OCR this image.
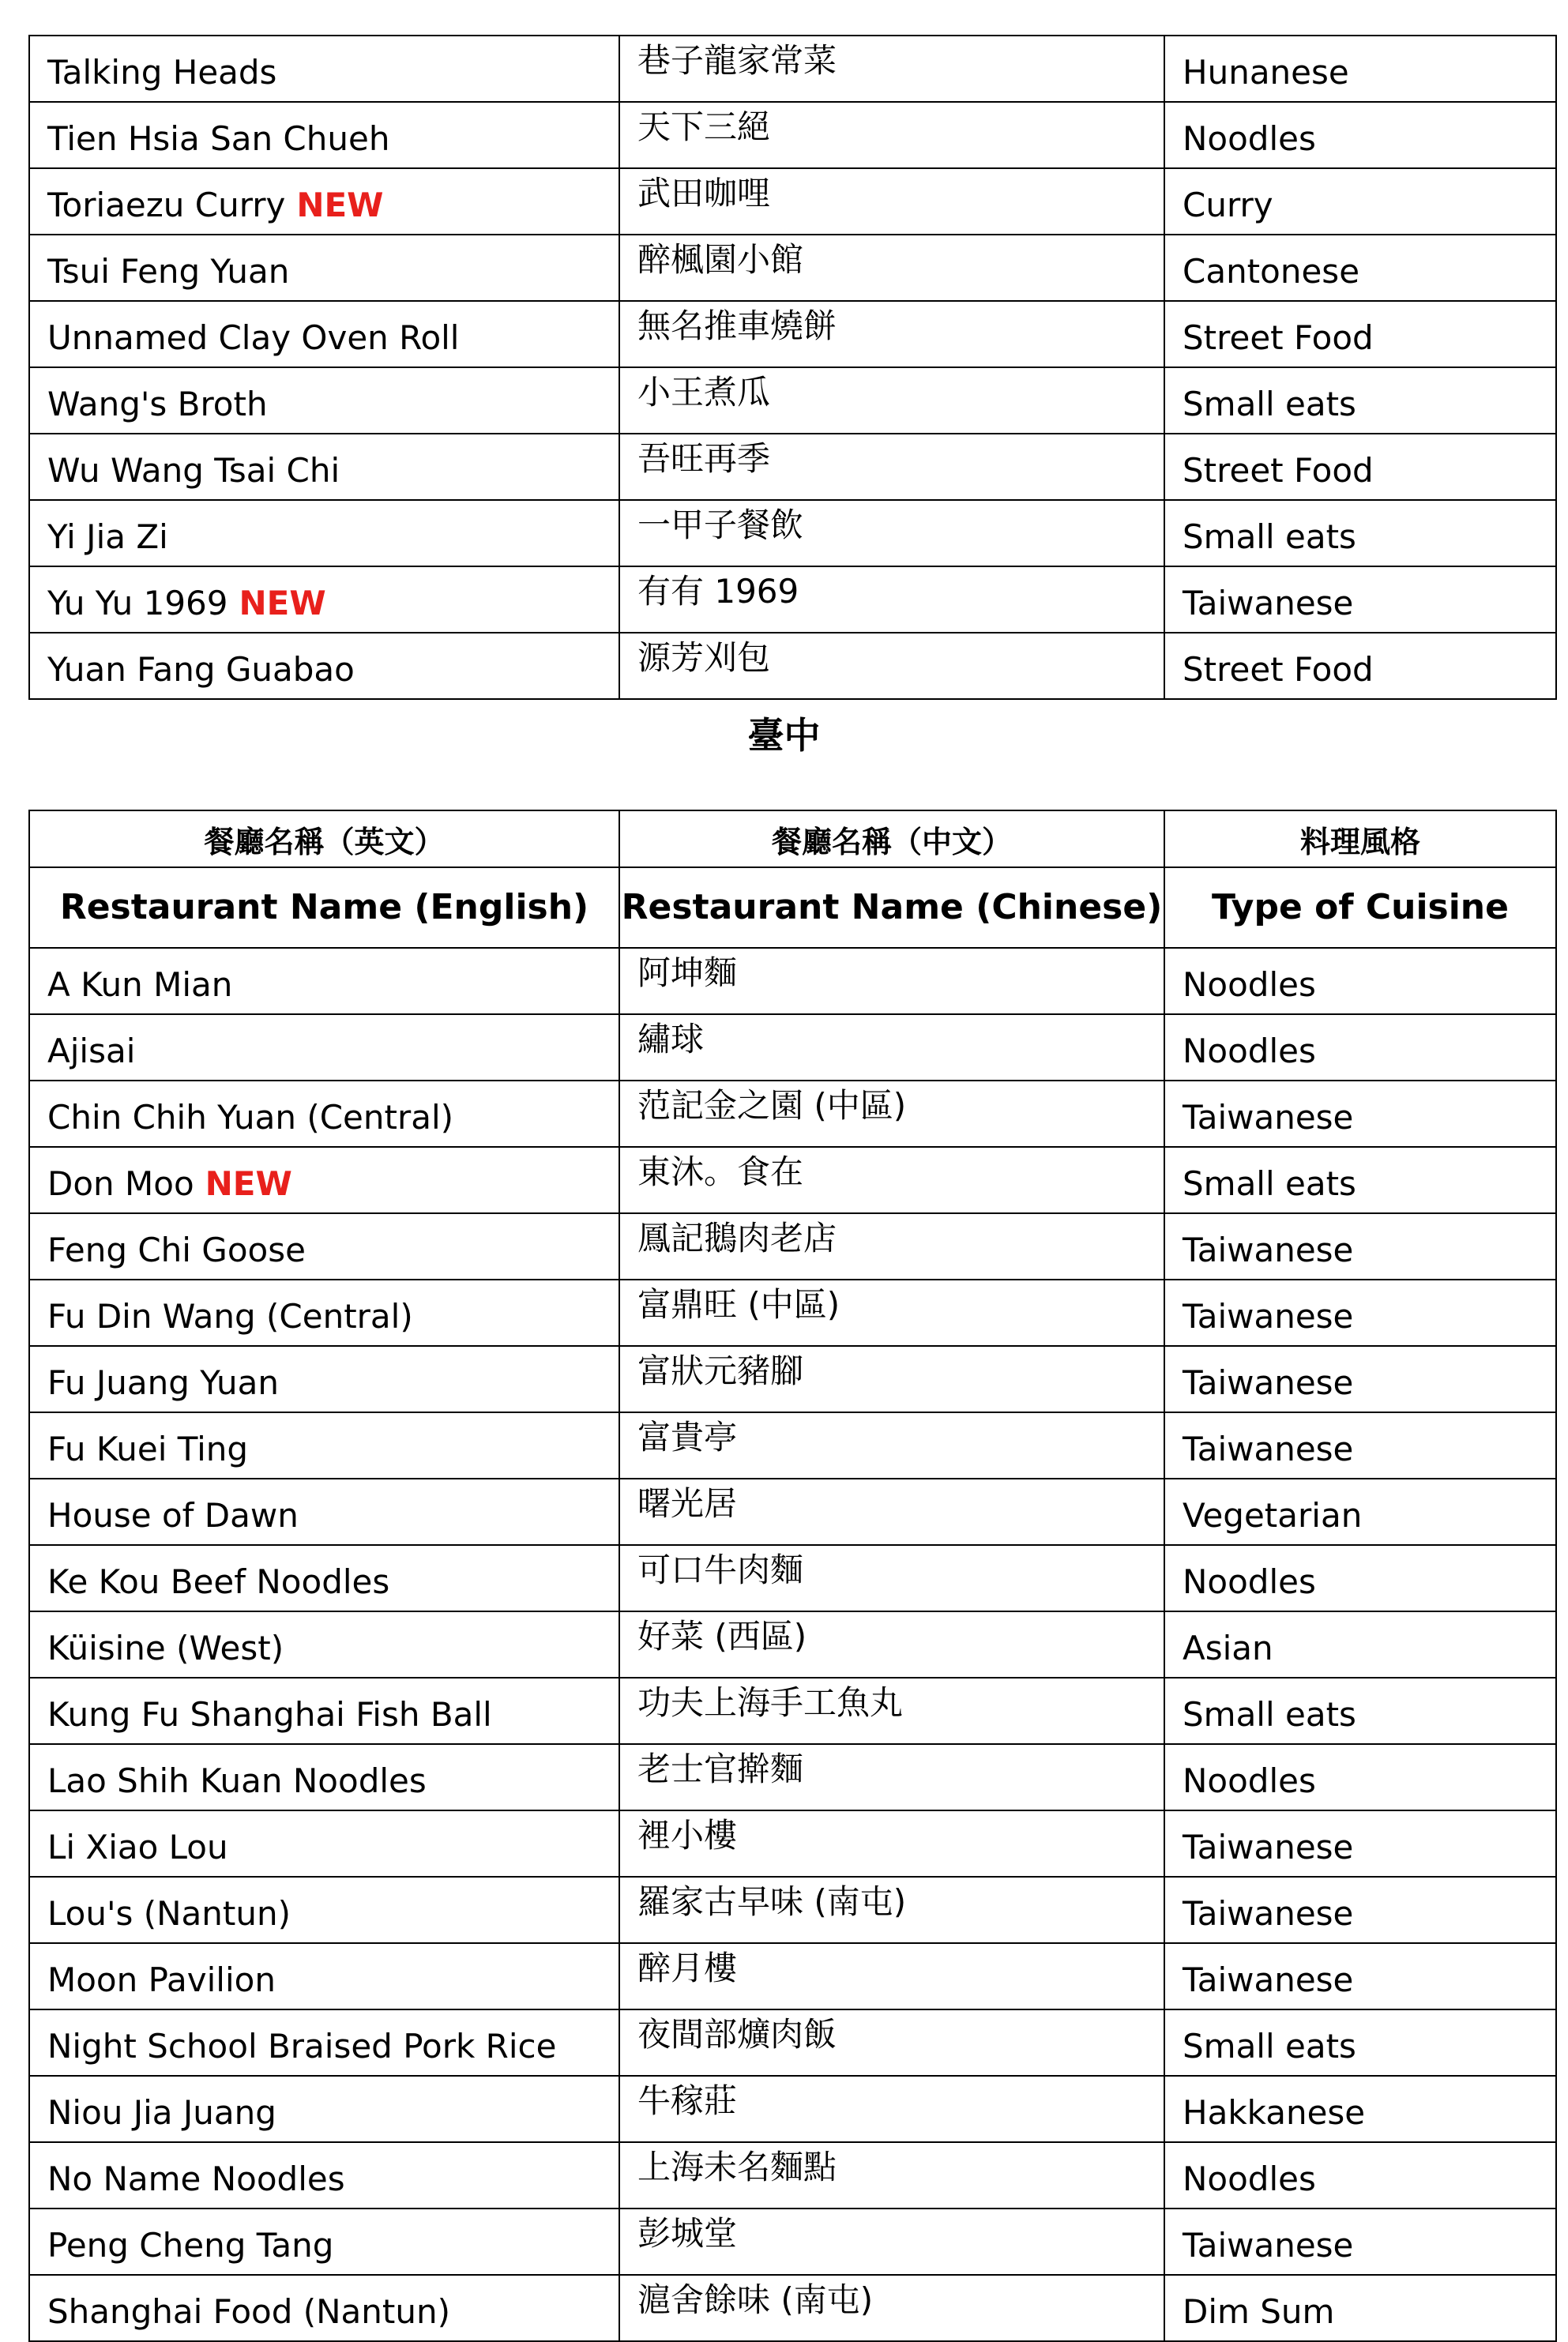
Talking Heads	巷子龍家常菜	Hunanese
Tien Hsia San Chueh	天下三絕	Noodles
Toriaezu Curry NEW	武田咖哩	Curry
Tsui Feng Yuan	醉楓園小館	Cantonese
Unnamed Clay Oven Roll	無名推車燒餅	Street Food
Wang's Broth	小王煮瓜	Small eats
Wu Wang Tsai Chi	吾旺再季	Street Food
Yi Jia Zi	一甲子餐飲	Small eats
Yu Yu 1969 NEW	有有 1969	Taiwanese
Yuan Fang Guabao	源芳刈包	Street Food
臺中
餐廳名稱（英文）	餐廳名稱（中文）	料理風格
Restaurant Name (English)	Restaurant Name (Chinese)	Type of Cuisine
A Kun Mian	阿坤麵	Noodles
Ajisai	繡球	Noodles
Chin Chih Yuan (Central)	范記金之園 (中區)	Taiwanese
Don Moo NEW	東沐。食在	Small eats
Feng Chi Goose	鳳記鵝肉老店	Taiwanese
Fu Din Wang (Central)	富鼎旺 (中區)	Taiwanese
Fu Juang Yuan	富狀元豬腳	Taiwanese
Fu Kuei Ting	富貴亭	Taiwanese
House of Dawn	曙光居	Vegetarian
Ke Kou Beef Noodles	可口牛肉麵	Noodles
Küisine (West)	好菜 (西區)	Asian
Kung Fu Shanghai Fish Ball	功夫上海手工魚丸	Small eats
Lao Shih Kuan Noodles	老士官擀麵	Noodles
Li Xiao Lou	裡小樓	Taiwanese
Lou's (Nantun)	羅家古早味 (南屯)	Taiwanese
Moon Pavilion	醉月樓	Taiwanese
Night School Braised Pork Rice	夜間部爌肉飯	Small eats
Niou Jia Juang	牛稼莊	Hakkanese
No Name Noodles	上海未名麵點	Noodles
Peng Cheng Tang	彭城堂	Taiwanese
Shanghai Food (Nantun)	滬舍餘味 (南屯)	Dim Sum
